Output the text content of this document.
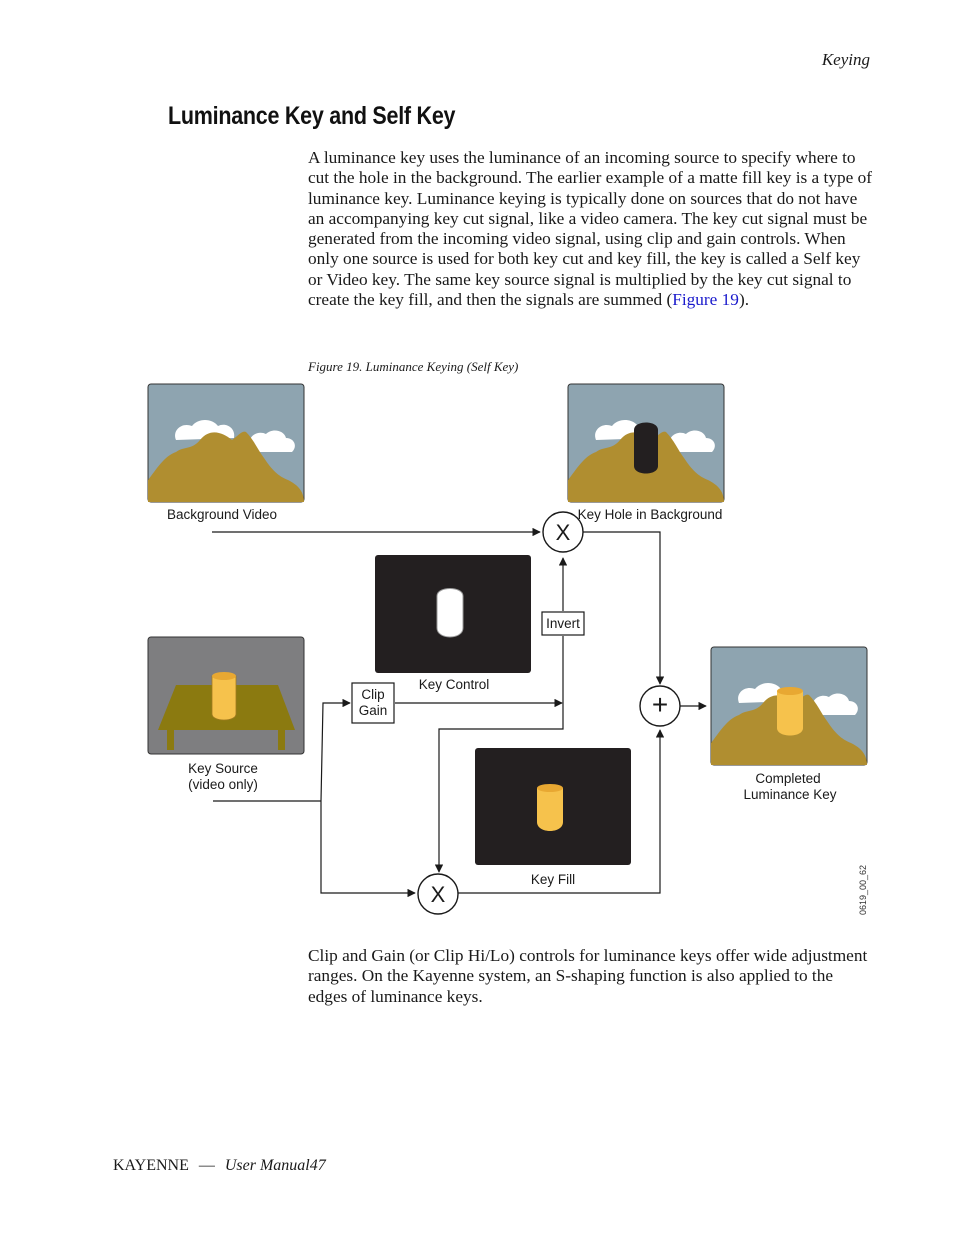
Keying
Luminance Key and Self Key

A luminance key uses the luminance of an incoming source to specify where to cut the hole in the background. The earlier example of a matte fill key is a type of luminance key. Luminance keying is typically done on sources that do not have an accompanying key cut signal, like a video camera. The key cut signal must be generated from the incoming video signal, using clip and gain controls. When only one source is used for both key cut and key fill, the key is called a Self key or Video key. The same key source signal is multiplied by the key cut signal to create the key fill, and then the signals are summed (Figure 19).

Figure 19. Luminance Keying (Self Key)
X
+
X
Invert
Clip
Gain
Background Video	Key Hole in Background
Key Control
Key Source
(video only)	Completed
Luminance Key
Key Fill	0619_00_62

Clip and Gain (or Clip Hi/Lo) controls for luminance keys offer wide adjustment ranges. On the Kayenne system, an S-shaping function is also applied to the edges of luminance keys.

KAYENNE — User Manual47
